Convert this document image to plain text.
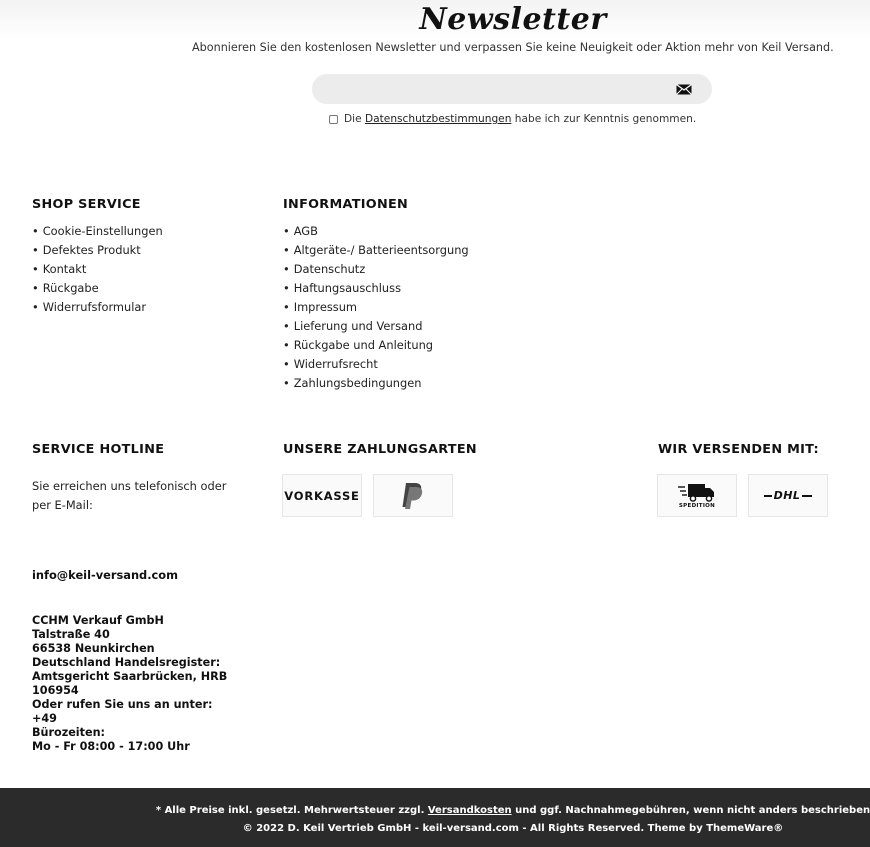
Newsletter

Abonnieren Sie den kostenlosen Newsletter und verpassen Sie keine Neuigkeit oder Aktion mehr von Keil Versand.

Die
Datenschutzbestimmungen
habe ich zur Kenntnis genommen.
SHOP SERVICE
• Cookie-Einstellungen
• Defektes Produkt
• Kontakt
• Rückgabe
• Widerrufsformular
INFORMATIONEN
• AGB
• Altgeräte-/ Batterieentsorgung
• Datenschutz
• Haftungsauschluss
• Impressum
• Lieferung und Versand
• Rückgabe und Anleitung
• Widerrufsrecht
• Zahlungsbedingungen
SERVICE HOTLINE

Sie erreichen uns telefonisch oder per E-Mail:

UNSERE ZAHLUNGSARTEN
VORKASSE
WIR VERSENDEN MIT:
SPEDITION
DHL
info@keil-versand.com
CCHM Verkauf GmbH
Talstraße 40
66538 Neunkirchen
Deutschland Handelsregister:
Amtsgericht Saarbrücken, HRB
106954
Oder rufen Sie uns an unter: +49
Bürozeiten:
Mo - Fr 08:00 - 17:00 Uhr
* Alle Preise inkl. gesetzl. Mehrwertsteuer zzgl. Versandkosten und ggf. Nachnahmegebühren, wenn nicht anders beschrieben
© 2022 D. Keil Vertrieb GmbH - keil-versand.com - All Rights Reserved. Theme by ThemeWare®
